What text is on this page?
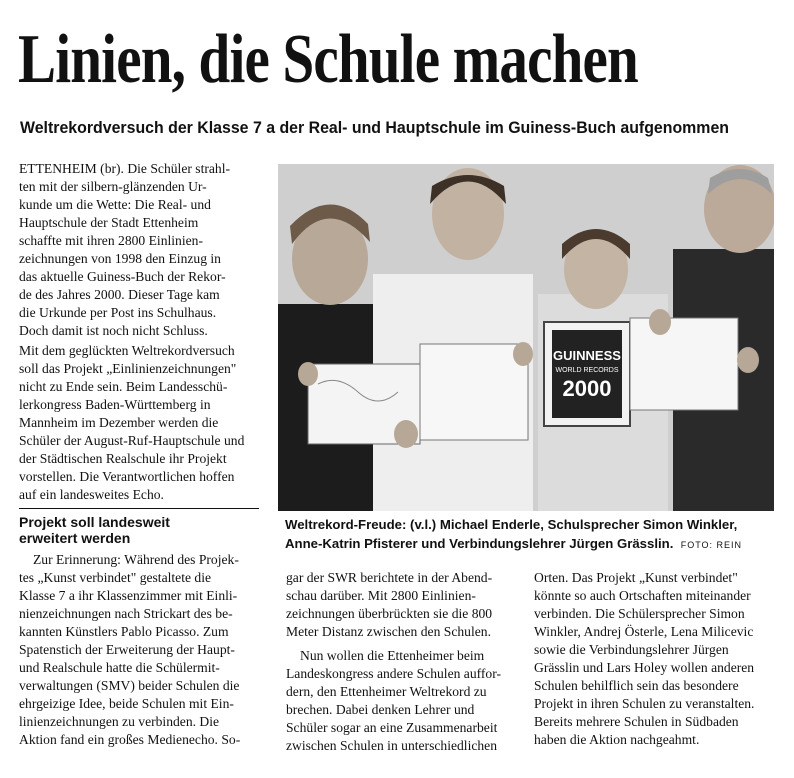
Linien, die Schule machen
Weltrekordversuch der Klasse 7 a der Real- und Hauptschule im Guiness-Buch aufgenommen

ETTENHEIM (br). Die Schüler strahl-

ten mit der silbern-glänzenden Ur-

kunde um die Wette: Die Real- und

Hauptschule der Stadt Ettenheim

schaffte mit ihren 2800 Einlinien-

zeichnungen von 1998 den Einzug in

das aktuelle Guiness-Buch der Rekor-

de des Jahres 2000. Dieser Tage kam

die Urkunde per Post ins Schulhaus.

Doch damit ist noch nicht Schluss.

Mit dem geglückten Weltrekordversuch

soll das Projekt „Einlinienzeichnungen"

nicht zu Ende sein. Beim Landesschü-

lerkongress Baden-Württemberg in

Mannheim im Dezember werden die

Schüler der August-Ruf-Hauptschule und

der Städtischen Realschule ihr Projekt

vorstellen. Die Verantwortlichen hoffen

auf ein landesweites Echo.

Projekt soll landesweit
erweitert werden

Zur Erinnerung: Während des Projek-

tes „Kunst verbindet" gestaltete die

Klasse 7 a ihr Klassenzimmer mit Einli-

nienzeichnungen nach Strickart des be-

kannten Künstlers Pablo Picasso. Zum

Spatenstich der Erweiterung der Haupt-

und Realschule hatte die Schülermit-

verwaltungen (SMV) beider Schulen die

ehrgeizige Idee, beide Schulen mit Ein-

linienzeichnungen zu verbinden. Die

Aktion fand ein großes Medienecho. So-

GUINNESS
WORLD RECORDS
2000
Weltrekord-Freude: (v.l.) Michael Enderle, Schulsprecher Simon Winkler,
Anne-Katrin Pfisterer und Verbindungslehrer Jürgen Grässlin. FOTO: REIN

gar der SWR berichtete in der Abend-

schau darüber. Mit 2800 Einlinien-

zeichnungen überbrückten sie die 800

Meter Distanz zwischen den Schulen.

Nun wollen die Ettenheimer beim

Landeskongress andere Schulen auffor-

dern, den Ettenheimer Weltrekord zu

brechen. Dabei denken Lehrer und

Schüler sogar an eine Zusammenarbeit

zwischen Schulen in unterschiedlichen

Orten. Das Projekt „Kunst verbindet"

könnte so auch Ortschaften miteinander

verbinden. Die Schülersprecher Simon

Winkler, Andrej Österle, Lena Milicevic

sowie die Verbindungslehrer Jürgen

Grässlin und Lars Holey wollen anderen

Schulen behilflich sein das besondere

Projekt in ihren Schulen zu veranstalten.

Bereits mehrere Schulen in Südbaden

haben die Aktion nachgeahmt.
